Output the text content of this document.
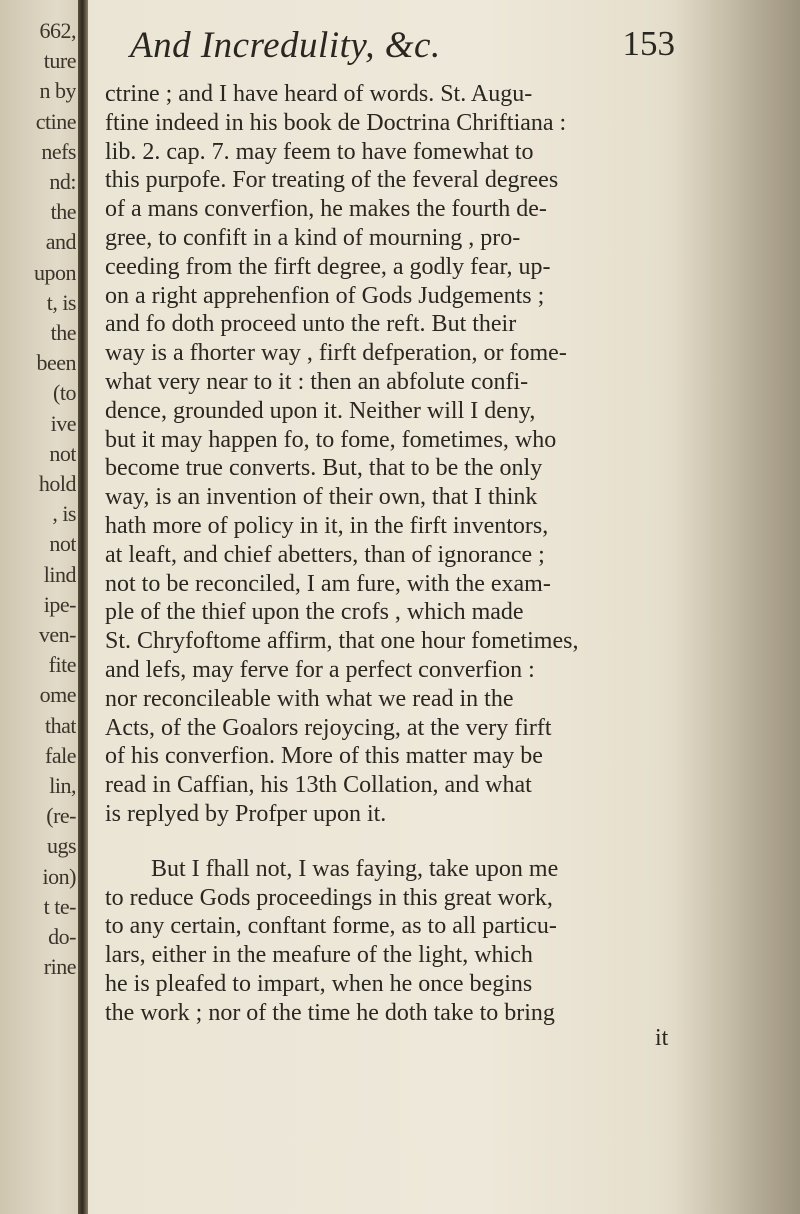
662,
ture
n by
ctine
nefs
nd:
the
and
upon
t, is
the
been
(to
ive
not
hold
, is
not
lind
ipe-
ven-
fite
ome
that
fale
lin,
(re-
ugs
ion)
t te-
do-
rine
And Incredulity, &c.	153
ctrine ; and I have heard of words. St. Augu-
ftine indeed in his book de Doctrina Chriftiana :
lib. 2. cap. 7. may feem to have fomewhat to
this purpofe. For treating of the feveral degrees
of a mans converfion, he makes the fourth de-
gree, to confift in a kind of mourning , pro-
ceeding from the firft degree, a godly fear, up-
on a right apprehenfion of Gods Judgements ;
and fo doth proceed unto the reft. But their
way is a fhorter way , firft defperation, or fome-
what very near to it : then an abfolute confi-
dence, grounded upon it. Neither will I deny,
but it may happen fo, to fome, fometimes, who
become true converts. But, that to be the only
way, is an invention of their own, that I think
hath more of policy in it, in the firft inventors,
at leaft, and chief abetters, than of ignorance ;
not to be reconciled, I am fure, with the exam-
ple of the thief upon the crofs , which made
St. Chryfoftome affirm, that one hour fometimes,
and lefs, may ferve for a perfect converfion :
nor reconcileable with what we read in the
Acts, of the Goalors rejoycing, at the very firft
of his converfion. More of this matter may be
read in Caffian, his 13th Collation, and what
is replyed by Profper upon it.
But I fhall not, I was faying, take upon me
to reduce Gods proceedings in this great work,
to any certain, conftant forme, as to all particu-
lars, either in the meafure of the light, which
he is pleafed to impart, when he once begins
the work ; nor of the time he doth take to bring
it
